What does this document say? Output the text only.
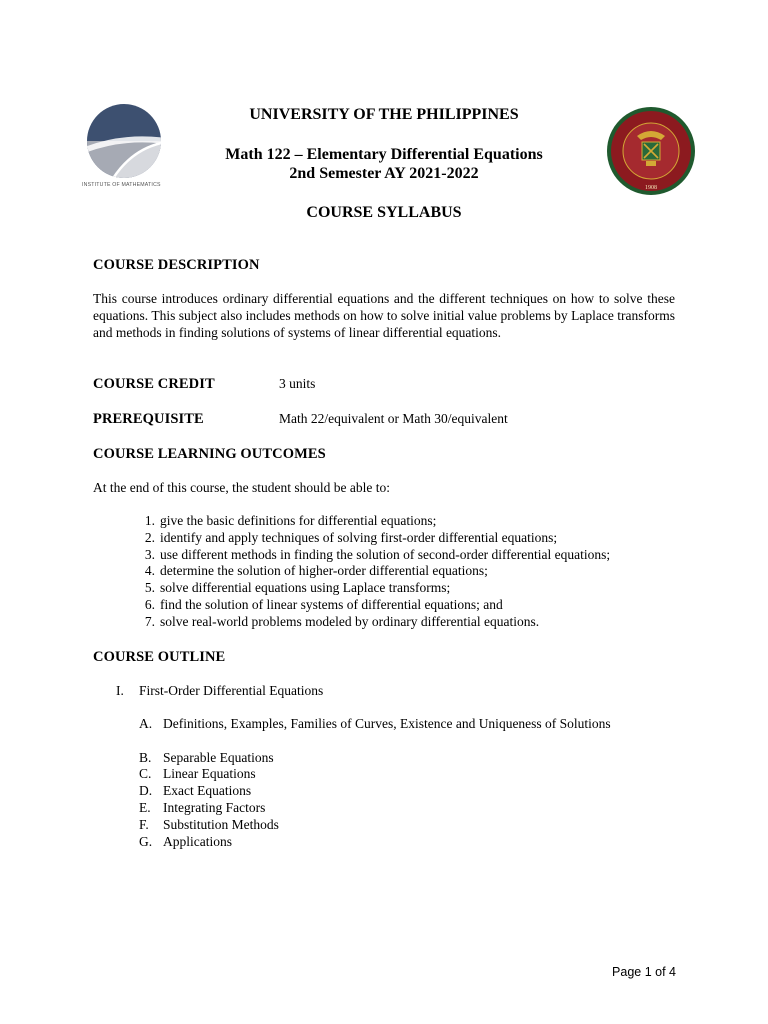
INSTITUTE OF MATHEMATICS	1908
UNIVERSITY OF THE PHILIPPINES
Math 122 – Elementary Differential Equations
2nd Semester AY 2021-2022
COURSE SYLLABUS
COURSE DESCRIPTION
This course introduces ordinary differential equations and the different techniques on how to solve these equations. This subject also includes methods on how to solve initial value problems by Laplace transforms and methods in finding solutions of systems of linear differential equations.
COURSE CREDIT	3 units
PREREQUISITE	Math 22/equivalent or Math 30/equivalent
COURSE LEARNING OUTCOMES
At the end of this course, the student should be able to:
1. give the basic definitions for differential equations;
2. identify and apply techniques of solving first-order differential equations;
3. use different methods in finding the solution of second-order differential equations;
4. determine the solution of higher-order differential equations;
5. solve differential equations using Laplace transforms;
6. find the solution of linear systems of differential equations; and
7. solve real-world problems modeled by ordinary differential equations.
COURSE OUTLINE
I. First-Order Differential Equations
A. Definitions, Examples, Families of Curves, Existence and Uniqueness of Solutions
B. Separable Equations
C. Linear Equations
D. Exact Equations
E. Integrating Factors
F.	Substitution Methods
G. Applications
Page 1 of 4
